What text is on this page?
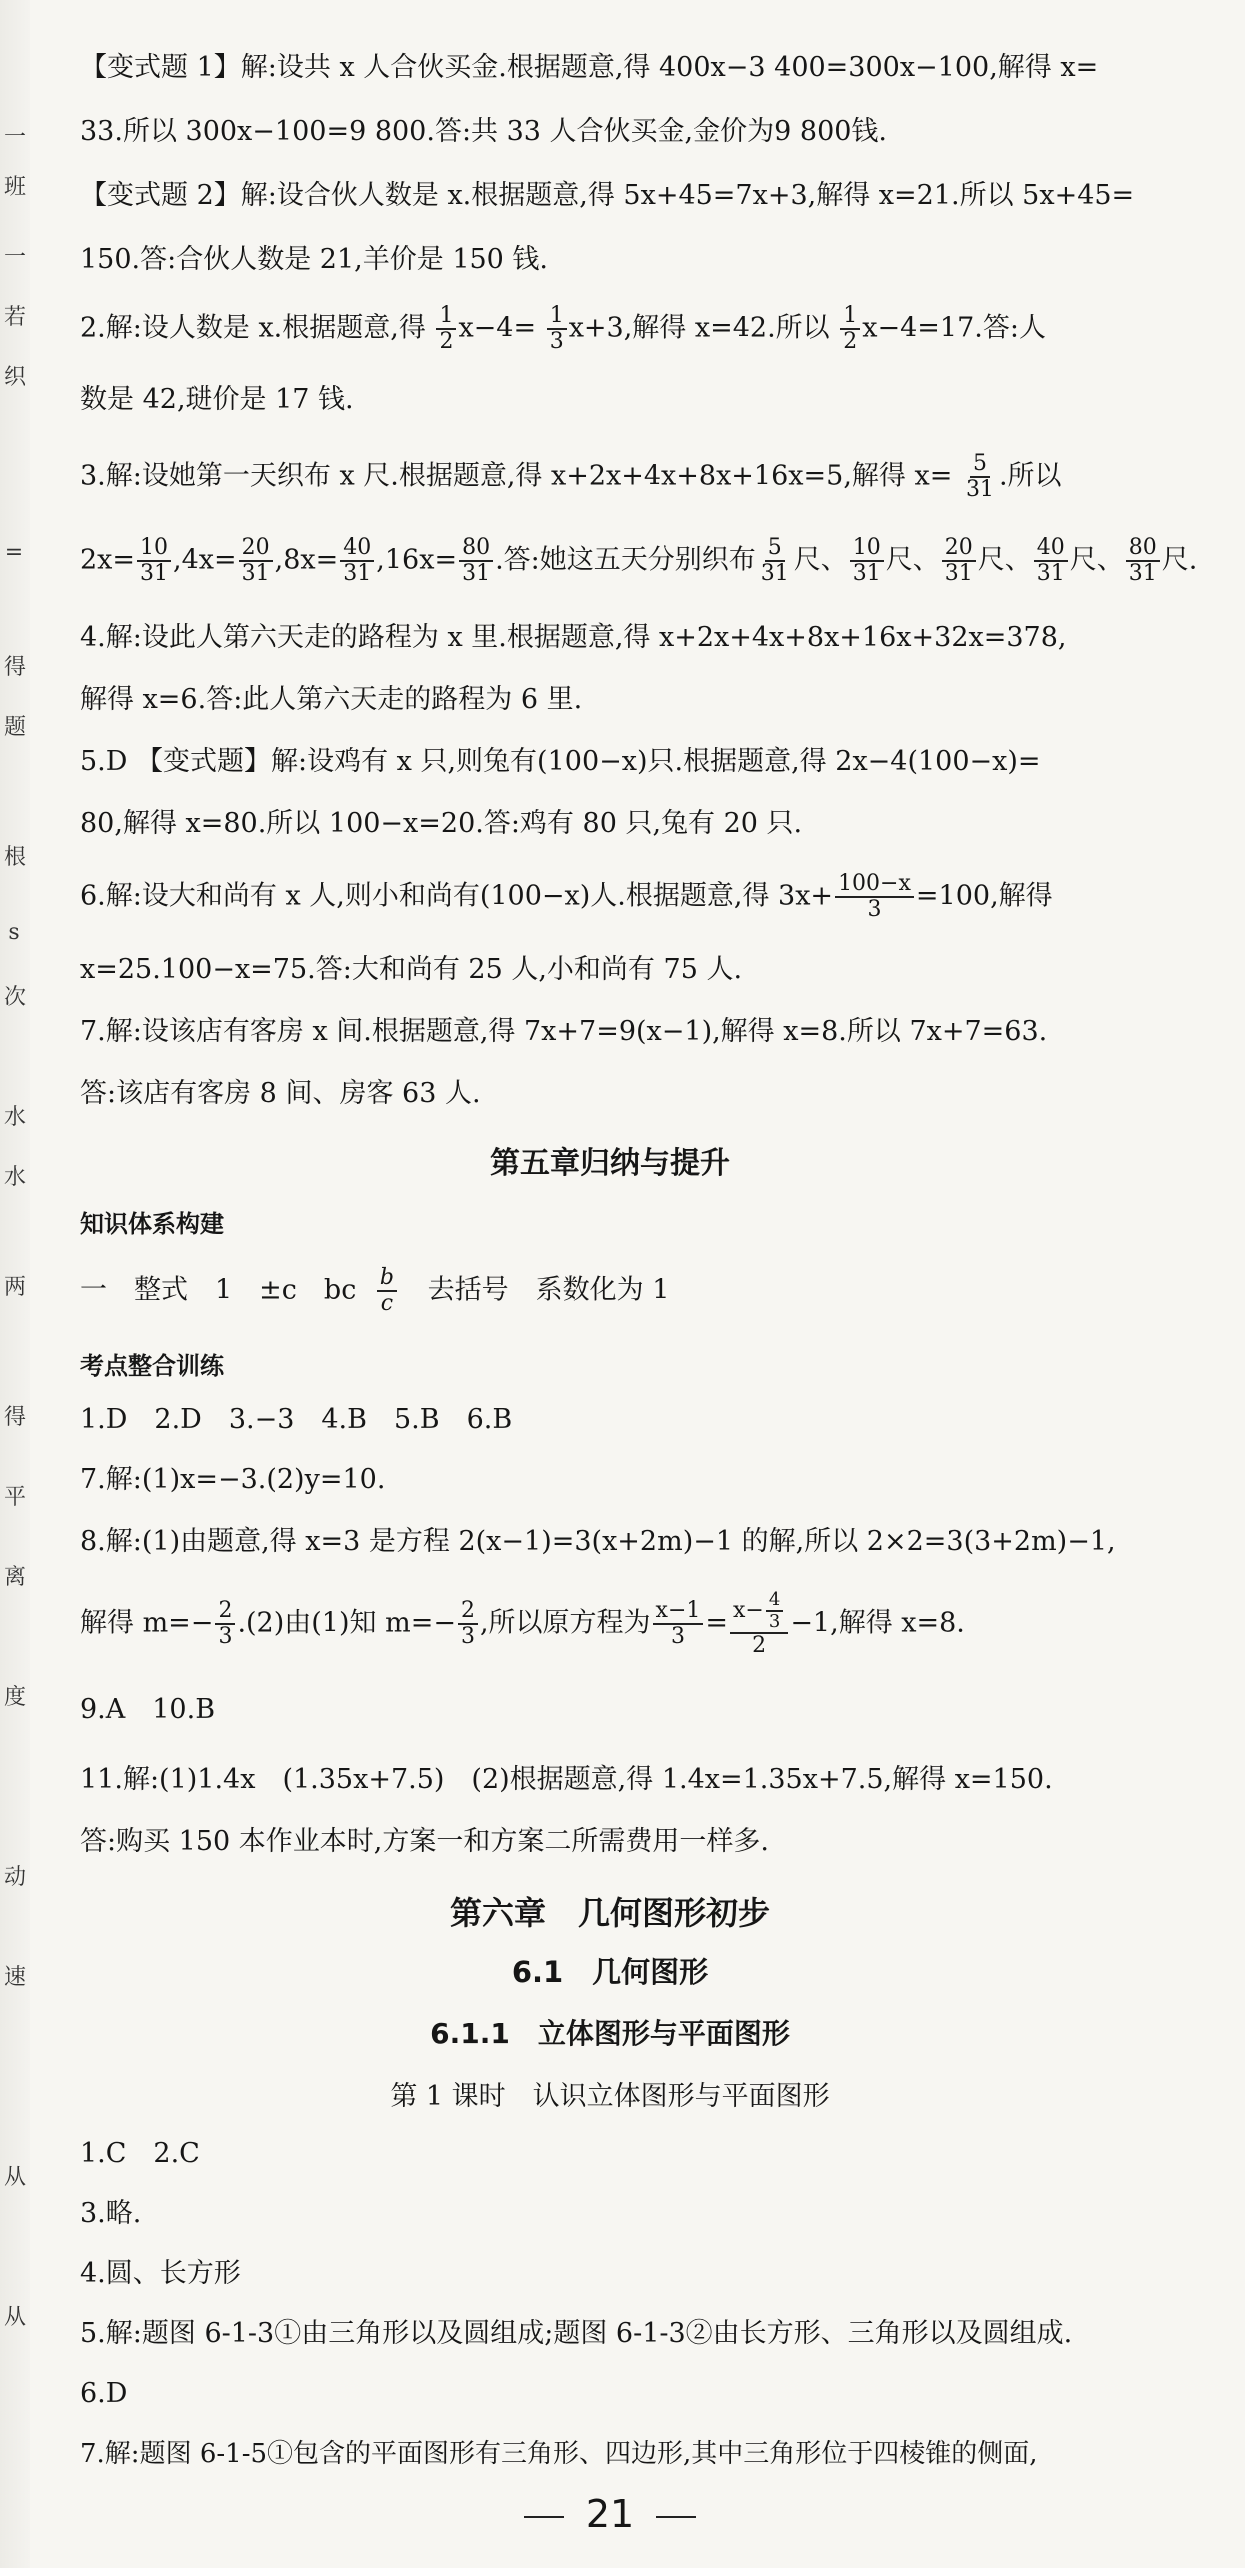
一
班
一
若
织
=
得
题
根
s
次
水
水
两
得
平
离
度
动
速
从
从
【变式题 1】解:设共 x 人合伙买金.根据题意,得 400x−3 400=300x−100,解得 x=
33.所以 300x−100=9 800.答:共 33 人合伙买金,金价为9 800钱.
【变式题 2】解:设合伙人数是 x.根据题意,得 5x+45=7x+3,解得 x=21.所以 5x+45=
150.答:合伙人数是 21,羊价是 150 钱.
2.解:设人数是 x.根据题意,得 $\frac{1}{2} x-4= \frac{1}{3} x+3$,解得 x=42.所以 $\frac{1}{2} x-4=17$.答:人
数是 42,琎价是 17 钱.
3.解:设她第一天织布 x 尺.根据题意,得 x+2x+4x+8x+16x=5,解得 $x= \frac{5}{31}$ .所以
$2x= \frac{10}{31} ,4x= \frac{20}{31} ,8x= \frac{40}{31} ,16x= \frac{80}{31}$ .答:她这五天分别织布 $\frac{5}{31}$ 尺、 $\frac{10}{31}$ 尺、 $\frac{20}{31}$ 尺、 $\frac{40}{31}$ 尺、 $\frac{80}{31}$ 尺.
4.解:设此人第六天走的路程为 x 里.根据题意,得 x+2x+4x+8x+16x+32x=378,
解得 x=6.答:此人第六天走的路程为 6 里.
5.D 【变式题】解:设鸡有 x 只,则兔有(100−x)只.根据题意,得 2x−4(100−x)=
80,解得 x=80.所以 100−x=20.答:鸡有 80 只,兔有 20 只.
6.解:设大和尚有 x 人,则小和尚有(100−x)人.根据题意,得 $3x+ \frac{100-x}{3} =100$,解得
x=25.100−x=75.答:大和尚有 25 人,小和尚有 75 人.
7.解:设该店有客房 x 间.根据题意,得 7x+7=9(x−1),解得 x=8.所以 7x+7=63.
答:该店有客房 8 间、房客 63 人.
第五章归纳与提升
知识体系构建
一　整式　1　±c　bc $\frac{b}{c}$ 去括号　系数化为 1
考点整合训练
1.D　2.D　3.−3　4.B　5.B　6.B
7.解:(1)x=−3.(2)y=10.
8.解:(1)由题意,得 x=3 是方程 2(x−1)=3(x+2m)−1 的解,所以 2×2=3(3+2m)−1,
解得 $m=- \frac{2}{3} .(2)$由(1)知 $m=- \frac{2}{3}$ ,所以原方程为 $\frac{x-1}{3} = \frac{x- \frac{4}{3}}{2} -1$,解得 x=8.
9.A　10.B
11.解:(1)1.4x　(1.35x+7.5)　(2)根据题意,得 1.4x=1.35x+7.5,解得 x=150.
答:购买 150 本作业本时,方案一和方案二所需费用一样多.
第六章　几何图形初步
6.1　几何图形
6.1.1　立体图形与平面图形
第 1 课时　认识立体图形与平面图形
1.C　2.C
3.略.
4.圆、长方形
5.解:题图 6-1-3①由三角形以及圆组成;题图 6-1-3②由长方形、三角形以及圆组成.
6.D
7.解:题图 6-1-5①包含的平面图形有三角形、四边形,其中三角形位于四棱锥的侧面,
21
